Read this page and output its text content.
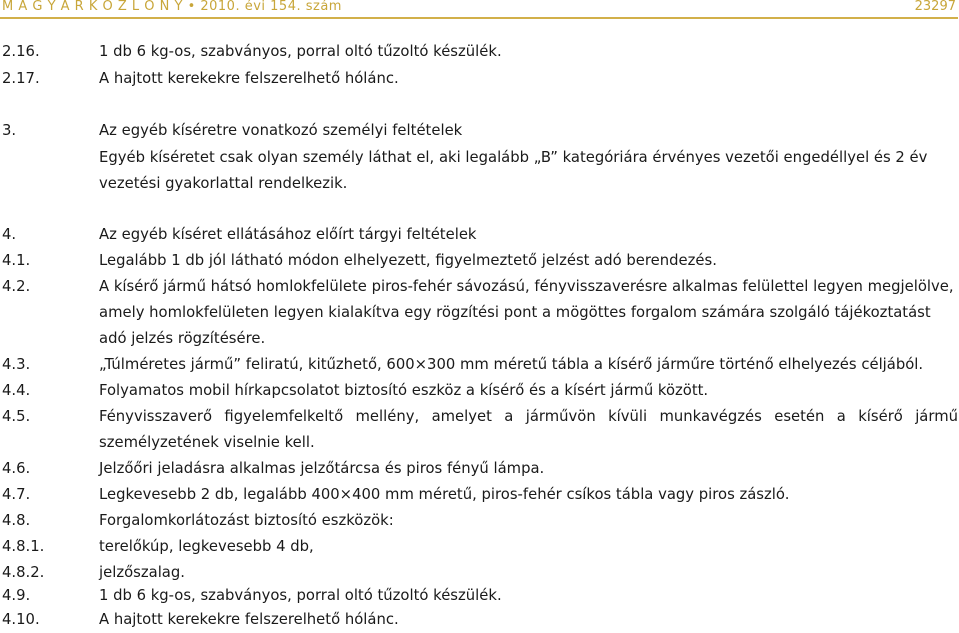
M A G Y A R K Ö Z L Ö N Y • 2010. évi 154. szám	23297
2.16.	1 db 6 kg-os, szabványos, porral oltó tűzoltó készülék.
2.17.	A hajtott kerekekre felszerelhető hólánc.
3.	Az egyéb kíséretre vonatkozó személyi feltételek
Egyéb kíséretet csak olyan személy láthat el, aki legalább „B” kategóriára érvényes vezetői engedéllyel és 2 év vezetési gyakorlattal rendelkezik.
4.	Az egyéb kíséret ellátásához előírt tárgyi feltételek
4.1.	Legalább 1 db jól látható módon elhelyezett, figyelmeztető jelzést adó berendezés.
4.2.	A kísérő jármű hátsó homlokfelülete piros-fehér sávozású, fényvisszaverésre alkalmas felülettel legyen megjelölve, amely homlokfelületen legyen kialakítva egy rögzítési pont a mögöttes forgalom számára szolgáló tájékoztatást adó jelzés rögzítésére.
4.3.	„Túlméretes jármű” feliratú, kitűzhető, 600×300 mm méretű tábla a kísérő járműre történő elhelyezés céljából.
4.4.	Folyamatos mobil hírkapcsolatot biztosító eszköz a kísérő és a kísért jármű között.
4.5.	Fényvisszaverő figyelemfelkeltő mellény, amelyet a járművön kívüli munkavégzés esetén a kísérő jármű személyzetének viselnie kell.
4.6.	Jelzőőri jeladásra alkalmas jelzőtárcsa és piros fényű lámpa.
4.7.	Legkevesebb 2 db, legalább 400×400 mm méretű, piros-fehér csíkos tábla vagy piros zászló.
4.8.	Forgalomkorlátozást biztosító eszközök:
4.8.1.	terelőkúp, legkevesebb 4 db,
4.8.2.	jelzőszalag.
4.9.	1 db 6 kg-os, szabványos, porral oltó tűzoltó készülék.
4.10.	A hajtott kerekekre felszerelhető hólánc.
